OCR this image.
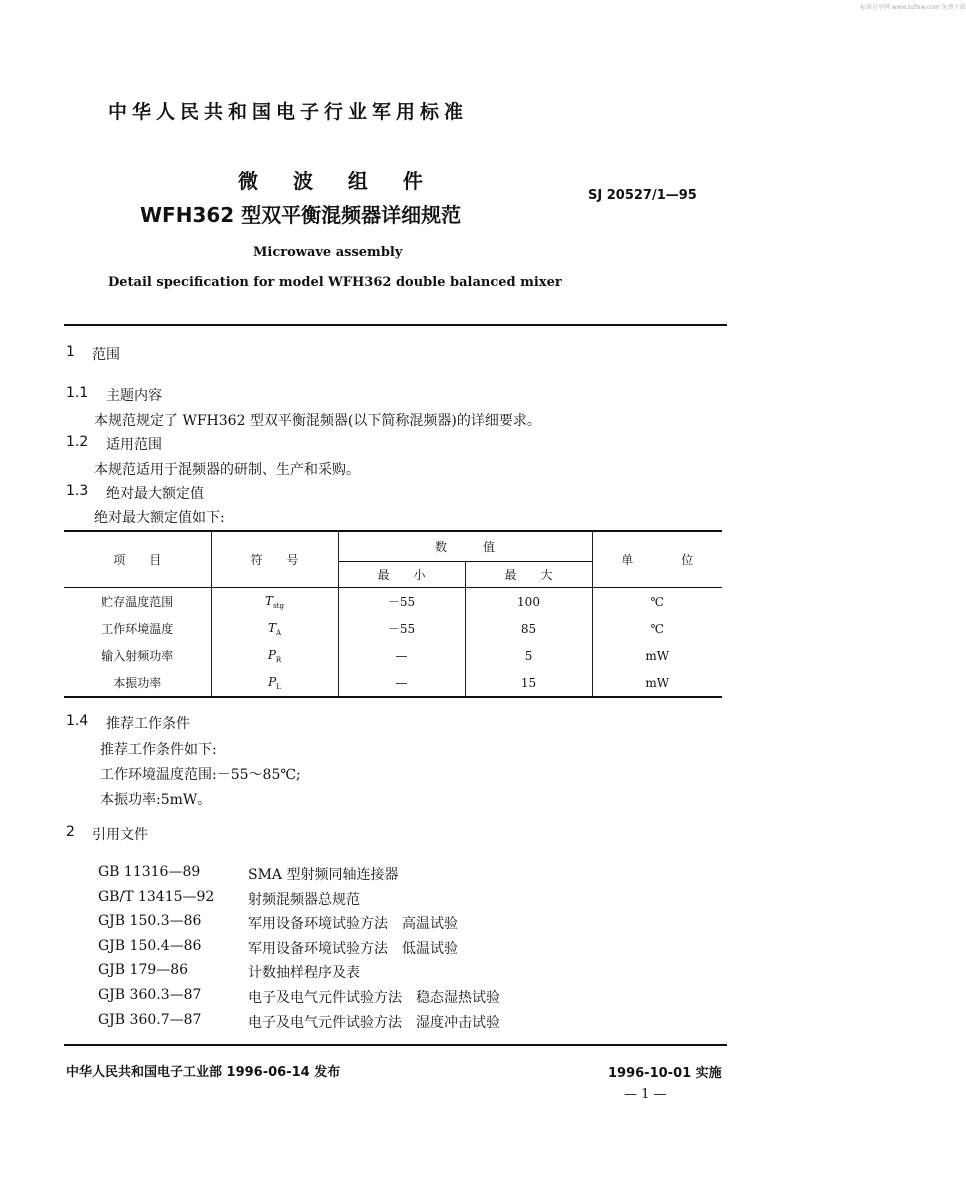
标准分享网 www.bzfxw.com 免费下载
中华人民共和国电子行业军用标准
微 波 组 件
WFH362 型双平衡混频器详细规范
SJ 20527/1—95
Microwave assembly
Detail specification for model WFH362 double balanced mixer
1 范围
1.1 主题内容
本规范规定了 WFH362 型双平衡混频器(以下简称混频器)的详细要求。
1.2 适用范围
本规范适用于混频器的研制、生产和采购。
1.3 绝对最大额定值
绝对最大额定值如下:
项　　目	符　　号	数　　　值		单　　　　位
		最　　小	最　　大	
贮存温度范围	$T_{stg}$	－55	100	℃
工作环境温度	$T_A$	－55	85	℃
输入射频功率	$P_R$	—	5	mW
本振功率	$P_L$	—	15	mW
1.4 推荐工作条件
推荐工作条件如下:
工作环境温度范围:－55～85℃;
本振功率:5mW。
2 引用文件
GB 11316—89	SMA 型射频同轴连接器
GB/T 13415—92 射频混频器总规范
GJB 150.3—86	军用设备环境试验方法　高温试验
GJB 150.4—86	军用设备环境试验方法　低温试验
GJB 179—86	计数抽样程序及表
GJB 360.3—87	电子及电气元件试验方法　稳态湿热试验
GJB 360.7—87	电子及电气元件试验方法　湿度冲击试验
中华人民共和国电子工业部 1996-06-14 发布	1996-10-01 实施
— 1 —
